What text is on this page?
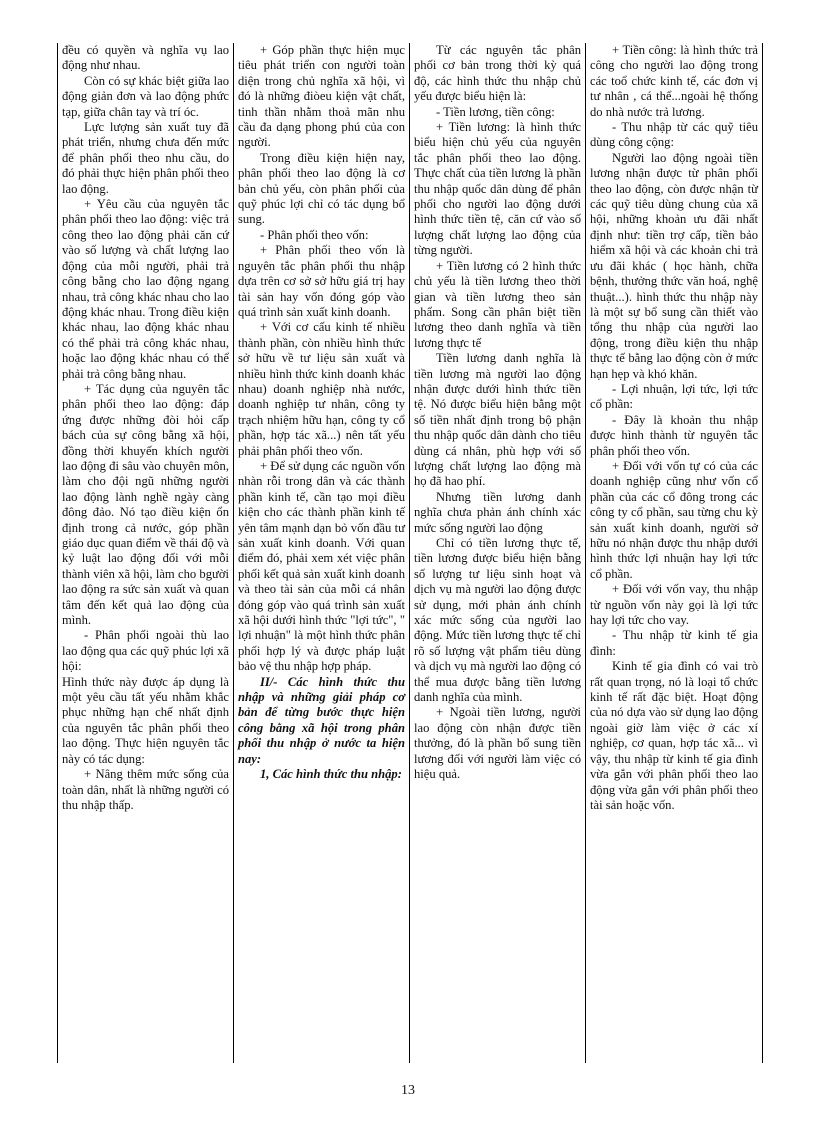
đều có quyền và nghĩa vụ lao động như nhau.

Còn có sự khác biệt giữa lao động giản đơn và lao động phức tạp, giữa chân tay và trí óc.

Lực lượng sản xuất tuy đã phát triển, nhưng chưa đến mức để phân phối theo nhu cầu, do đó phải thực hiện phân phối theo lao động.

+ Yêu cầu của nguyên tắc phân phối theo lao động: việc trả công theo lao động phải căn cứ vào số lượng và chất lượng lao động của mỗi người, phải trả công bằng cho lao động ngang nhau, trả công khác nhau cho lao động khác nhau. Trong điều kiện khác nhau, lao động khác nhau có thể phải trả công khác nhau, hoặc lao động khác nhau có thể phải trả công bằng nhau.

+ Tác dụng của nguyên tắc phân phối theo lao động: đáp ứng được những đòi hỏi cấp bách của sự công bằng xã hội, đồng thời khuyến khích người lao động đi sâu vào chuyên môn, làm cho đội ngũ những người lao động lành nghề ngày càng đông đảo. Nó tạo điều kiện ổn định trong cả nước, góp phần giáo dục quan điểm về thái độ và kỷ luật lao động đối với mỗi thành viên xã hội, làm cho bgười lao động ra sức sản xuất và quan tâm đến kết quả lao động của mình.

- Phân phối ngoài thù lao lao động qua các quỹ phúc lợi xã hội:

Hình thức này được áp dụng là một yêu cầu tất yếu nhằm khắc phục những hạn chế nhất định của nguyên tắc phân phối theo lao động. Thực hiện nguyên tắc này có tác dụng:

+ Nâng thêm mức sống của toàn dân, nhất là những người có thu nhập thấp.

+ Góp phần thực hiện mục tiêu phát triển con người toàn diện trong chủ nghĩa xã hội, vì đó là những điòeu kiện vật chất, tinh thần nhằm thoả mãn nhu cầu đa dạng phong phú của con người.

Trong điều kiện hiện nay, phân phối theo lao động là cơ bản chủ yếu, còn phân phối của quỹ phúc lợi chỉ có tác dụng bổ sung.

- Phân phối theo vốn:

+ Phân phối theo vốn là nguyên tắc phân phối thu nhập dựa trên cơ sở sở hữu giá trị hay tài sản hay vốn đóng góp vào quá trình sản xuất kinh doanh.

+ Với cơ cấu kinh tế nhiều thành phần, còn nhiều hình thức sở hữu về tư liệu sản xuất và nhiều hình thức kinh doanh khác nhau) doanh nghiệp nhà nước, doanh nghiệp tư nhân, công ty trạch nhiệm hữu hạn, công ty cổ phần, hợp tác xã...) nên tất yếu phải phân phối theo vốn.

+ Để sử dụng các nguồn vốn nhàn rỗi trong dân và các thành phần kinh tế, cần tạo mọi điều kiện cho các thành phần kinh tế yên tâm mạnh dạn bỏ vốn đầu tư sản xuất kinh doanh. Với quan điểm đó, phải xem xét việc phân phối kết quả sản xuất kinh doanh và theo tài sản của mỗi cá nhân đóng góp vào quá trình sản xuất xã hội dưới hình thức "lợi tức", " lợi nhuận" là một hình thức phân phối hợp lý và được pháp luật bảo vệ thu nhập hợp pháp.

II/- Các hình thức thu nhập và những giải pháp cơ bản để từng bước thực hiện công bằng xã hội trong phân phối thu nhập ở nước ta hiện nay:

1, Các hình thức thu nhập:

Từ các nguyên tắc phân phối cơ bản trong thời kỳ quá độ, các hình thức thu nhập chủ yếu được biểu hiện là:

- Tiền lương, tiền công:

+ Tiền lương: là hình thức biểu hiện chủ yếu của nguyên tắc phân phối theo lao động. Thực chất của tiền lương là phần thu nhập quốc dân dùng để phân phối cho người lao động dưới hình thức tiền tệ, căn cứ vào số lượng chất lượng lao động của từng người.

+ Tiền lương có 2 hình thức chủ yếu là tiền lương theo thời gian và tiền lương theo sản phẩm. Song cần phân biệt tiền lương theo danh nghĩa và tiền lương thực tế

Tiền lương danh nghĩa là tiền lương mà người lao động nhận được dưới hình thức tiền tệ. Nó được biểu hiện bằng một số tiền nhất định trong bộ phận thu nhập quốc dân dành cho tiêu dùng cá nhân, phù hợp với số lượng chất lượng lao động mà họ đã hao phí.

Nhưng tiền lương danh nghĩa chưa phản ánh chính xác mức sống người lao động

Chỉ có tiền lương thực tế, tiền lương được biểu hiện bằng số lượng tư liệu sinh hoạt và dịch vụ mà người lao động được sử dụng, mới phản ánh chính xác mức sống của người lao động. Mức tiền lương thực tế chỉ rõ số lượng vật phẩm tiêu dùng và dịch vụ mà người lao động có thể mua được bằng tiền lương danh nghĩa của mình.

+ Ngoài tiền lương, người lao động còn nhận được tiền thưởng, đó là phần bổ sung tiền lương đối với người làm việc có hiệu quả.

+ Tiền công: là hình thức trả công cho người lao động trong các toổ chức kinh tế, các đơn vị tư nhân , cá thể...ngoài hệ thống do nhà nước trả lương.

- Thu nhập từ các quỹ tiêu dùng công cộng:

Người lao động ngoài tiền lương nhận được từ phân phối theo lao động, còn được nhận từ các quỹ tiêu dùng chung của xã hội, những khoản ưu đãi nhất định như: tiền trợ cấp, tiền bảo hiểm xã hội và các khoản chi trả ưu đãi khác ( học hành, chữa bệnh, thưởng thức văn hoá, nghệ thuật...). hình thức thu nhập này là một sự bổ sung cần thiết vào tổng thu nhập của người lao động, trong điều kiện thu nhập thực tế bằng lao động còn ở mức hạn hẹp và khó khăn.

- Lợi nhuận, lợi tức, lợi tức cổ phần:

- Đây là khoản thu nhập được hình thành từ nguyên tắc phân phối theo vốn.

+ Đối với vốn tự có của các doanh nghiệp cũng như vốn cổ phần của các cổ đông trong các công ty cổ phần, sau từng chu kỳ sản xuất kinh doanh, người sở hữu nó nhận được thu nhập dưới hình thức lợi nhuận hay lợi tức cổ phần.

+ Đối với vốn vay, thu nhập từ nguồn vốn này gọi là lợi tức hay lợi tức cho vay.

- Thu nhập từ kinh tế gia đình:

Kinh tế gia đình có vai trò rất quan trọng, nó là loại tổ chức kinh tế rất đặc biệt. Hoạt động của nó dựa vào sử dụng lao động ngoài giờ làm việc ở các xí nghiệp, cơ quan, hợp tác xã... vì vậy, thu nhập từ kinh tế gia đình vừa gắn với phân phối theo lao động vừa gắn với phân phối theo tài sản hoặc vốn.

13
